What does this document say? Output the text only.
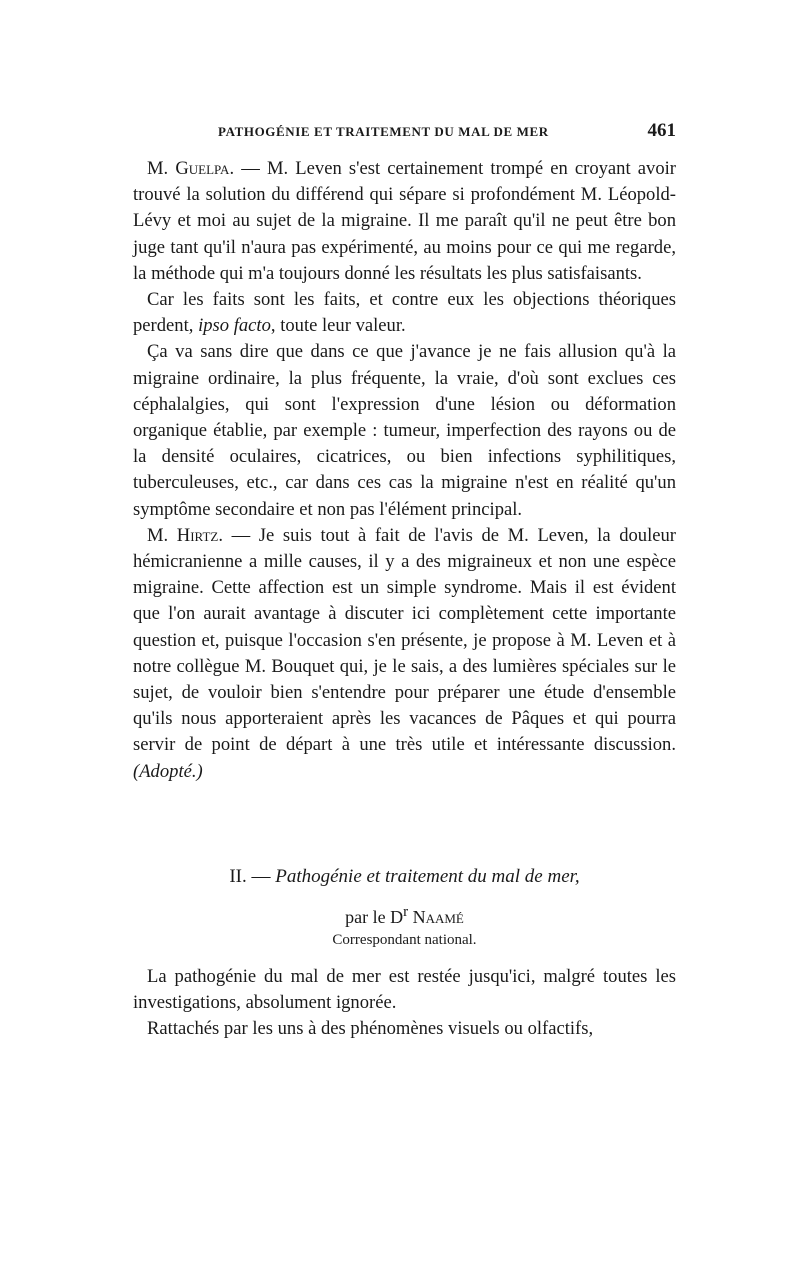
PATHOGÉNIE ET TRAITEMENT DU MAL DE MER	461

M. Guelpa. — M. Leven s'est certainement trompé en croyant avoir trouvé la solution du différend qui sépare si profondément M. Léopold-Lévy et moi au sujet de la migraine. Il me paraît qu'il ne peut être bon juge tant qu'il n'aura pas expérimenté, au moins pour ce qui me regarde, la méthode qui m'a toujours donné les résultats les plus satisfaisants.

Car les faits sont les faits, et contre eux les objections théoriques perdent, ipso facto, toute leur valeur.

Ça va sans dire que dans ce que j'avance je ne fais allusion qu'à la migraine ordinaire, la plus fréquente, la vraie, d'où sont exclues ces céphalalgies, qui sont l'expression d'une lésion ou déformation organique établie, par exemple : tumeur, imperfection des rayons ou de la densité oculaires, cicatrices, ou bien infections syphilitiques, tuberculeuses, etc., car dans ces cas la migraine n'est en réalité qu'un symptôme secondaire et non pas l'élément principal.

M. Hirtz. — Je suis tout à fait de l'avis de M. Leven, la douleur hémicranienne a mille causes, il y a des migraineux et non une espèce migraine. Cette affection est un simple syndrome. Mais il est évident que l'on aurait avantage à discuter ici complètement cette importante question et, puisque l'occasion s'en présente, je propose à M. Leven et à notre collègue M. Bouquet qui, je le sais, a des lumières spéciales sur le sujet, de vouloir bien s'entendre pour préparer une étude d'ensemble qu'ils nous apporteraient après les vacances de Pâques et qui pourra servir de point de départ à une très utile et intéressante discussion. (Adopté.)

II. — Pathogénie et traitement du mal de mer,

par le $D^r$ Naamé
Correspondant national.

La pathogénie du mal de mer est restée jusqu'ici, malgré toutes les investigations, absolument ignorée.

Rattachés par les uns à des phénomènes visuels ou olfactifs,
